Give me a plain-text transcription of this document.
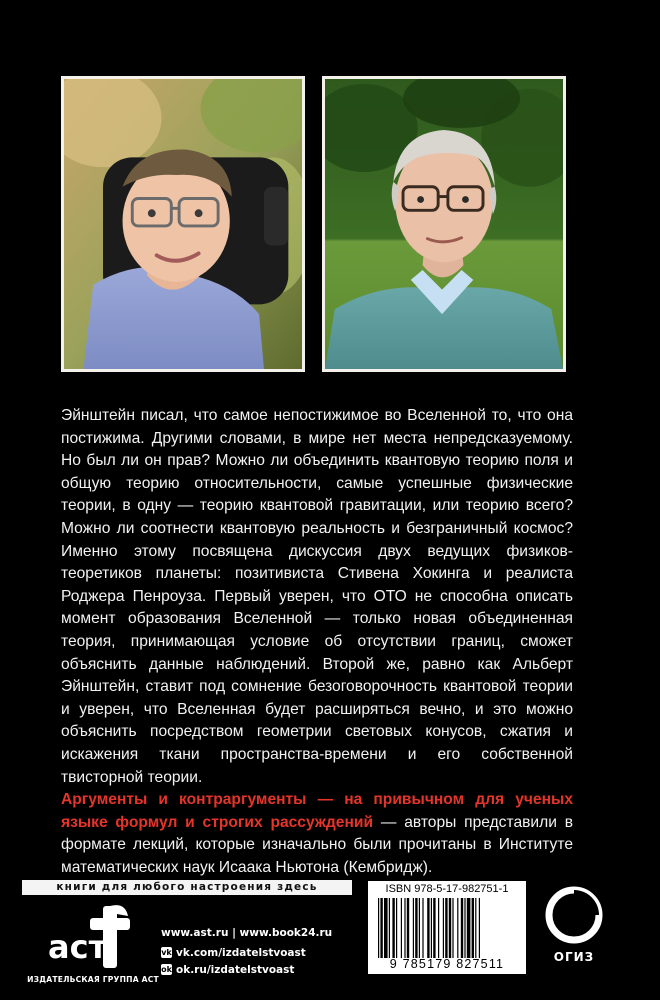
Эйнштейн писал, что самое непостижимое во Вселенной то, что она постижима. Другими словами, в мире нет места непредсказуемому. Но был ли он прав? Можно ли объединить квантовую теорию поля и общую теорию относительности, самые успешные физические теории, в одну — теорию квантовой гравитации, или теорию всего? Можно ли соотнести квантовую реальность и безграничный космос? Именно этому посвящена дискуссия двух ведущих физиков-теоретиков планеты: позитивиста Стивена Хокинга и реалиста Роджера Пенроуза. Первый уверен, что ОТО не способна описать момент образования Вселенной — только новая объединенная теория, принимающая условие об отсутствии границ, сможет объяснить данные наблюдений. Второй же, равно как Альберт Эйнштейн, ставит под сомнение безоговорочность квантовой теории и уверен, что Вселенная будет расширяться вечно, и это можно объяснить посредством геометрии световых конусов, сжатия и искажения ткани пространства-времени и его собственной твисторной теории.
Аргументы и контраргументы — на привычном для ученых языке формул и строгих рассуждений — авторы представили в формате лекций, которые изначально были прочитаны в Институте математических наук Исаака Ньютона (Кембридж).
книги для любого настроения здесь
аст
ИЗДАТЕЛЬСКАЯ ГРУППА АСТ
www.ast.ru | www.book24.ru
vk vk.com/izdatelstvoast
ok ok.ru/izdatelstvoast
ISBN 978-5-17-982751-1
9 785179 827511	ОГИЗ
